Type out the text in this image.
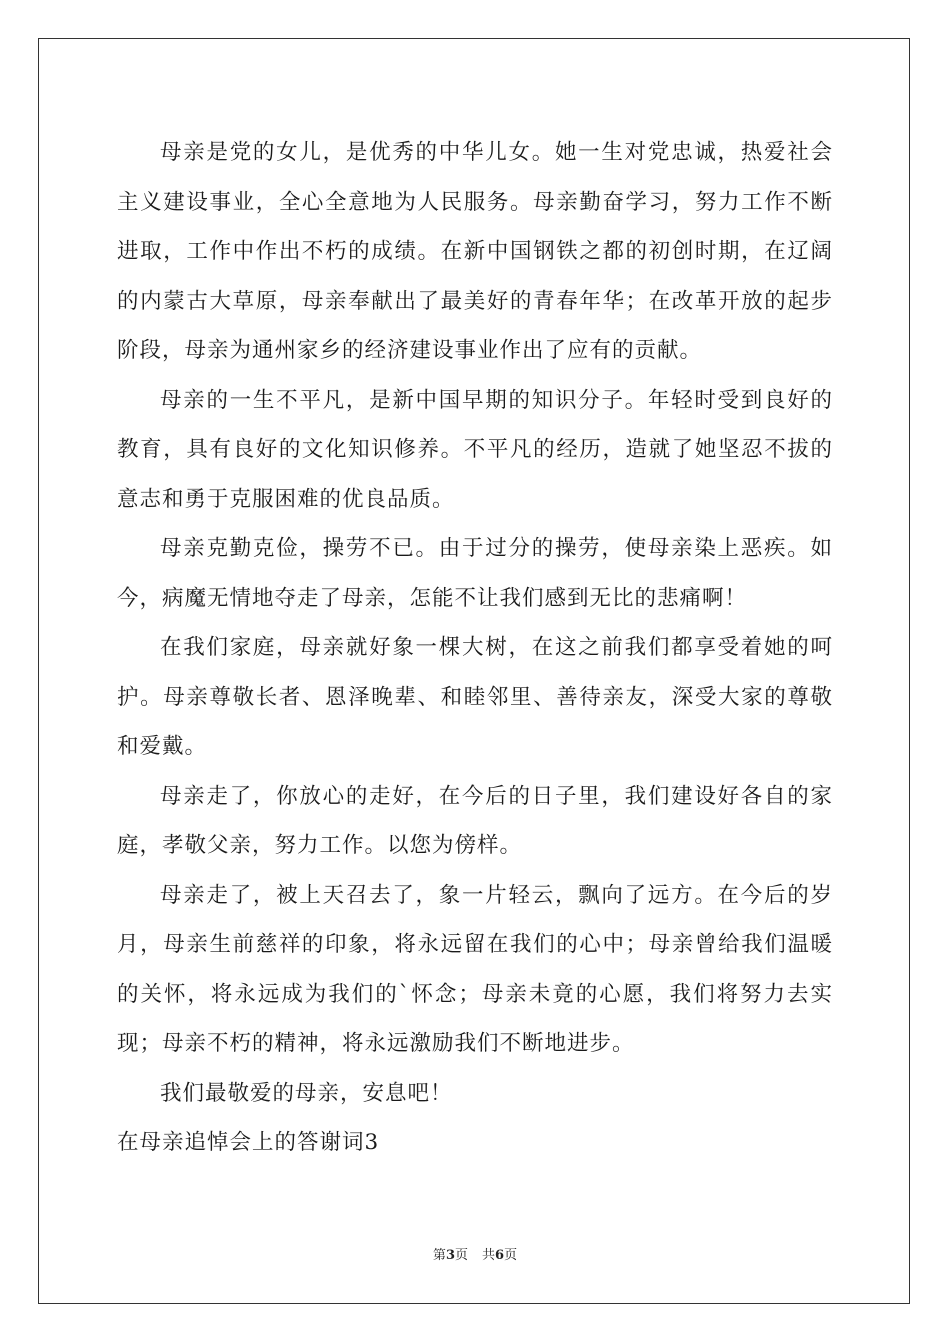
母亲是党的女儿，是优秀的中华儿女。她一生对党忠诚，热爱社会主义建设事业，全心全意地为人民服务。母亲勤奋学习，努力工作不断进取，工作中作出不朽的成绩。在新中国钢铁之都的初创时期，在辽阔的内蒙古大草原，母亲奉献出了最美好的青春年华；在改革开放的起步阶段，母亲为通州家乡的经济建设事业作出了应有的贡献。

母亲的一生不平凡，是新中国早期的知识分子。年轻时受到良好的教育，具有良好的文化知识修养。不平凡的经历，造就了她坚忍不拔的意志和勇于克服困难的优良品质。

母亲克勤克俭，操劳不已。由于过分的操劳，使母亲染上恶疾。如今，病魔无情地夺走了母亲，怎能不让我们感到无比的悲痛啊！

在我们家庭，母亲就好象一棵大树，在这之前我们都享受着她的呵护。母亲尊敬长者、恩泽晚辈、和睦邻里、善待亲友，深受大家的尊敬和爱戴。

母亲走了，你放心的走好，在今后的日子里，我们建设好各自的家庭，孝敬父亲，努力工作。以您为傍样。

母亲走了，被上天召去了，象一片轻云，飘向了远方。在今后的岁月，母亲生前慈祥的印象，将永远留在我们的心中；母亲曾给我们温暖的关怀，将永远成为我们的`怀念；母亲未竟的心愿，我们将努力去实现；母亲不朽的精神，将永远激励我们不断地进步。

我们最敬爱的母亲，安息吧！

在母亲追悼会上的答谢词3

第3页 共6页
